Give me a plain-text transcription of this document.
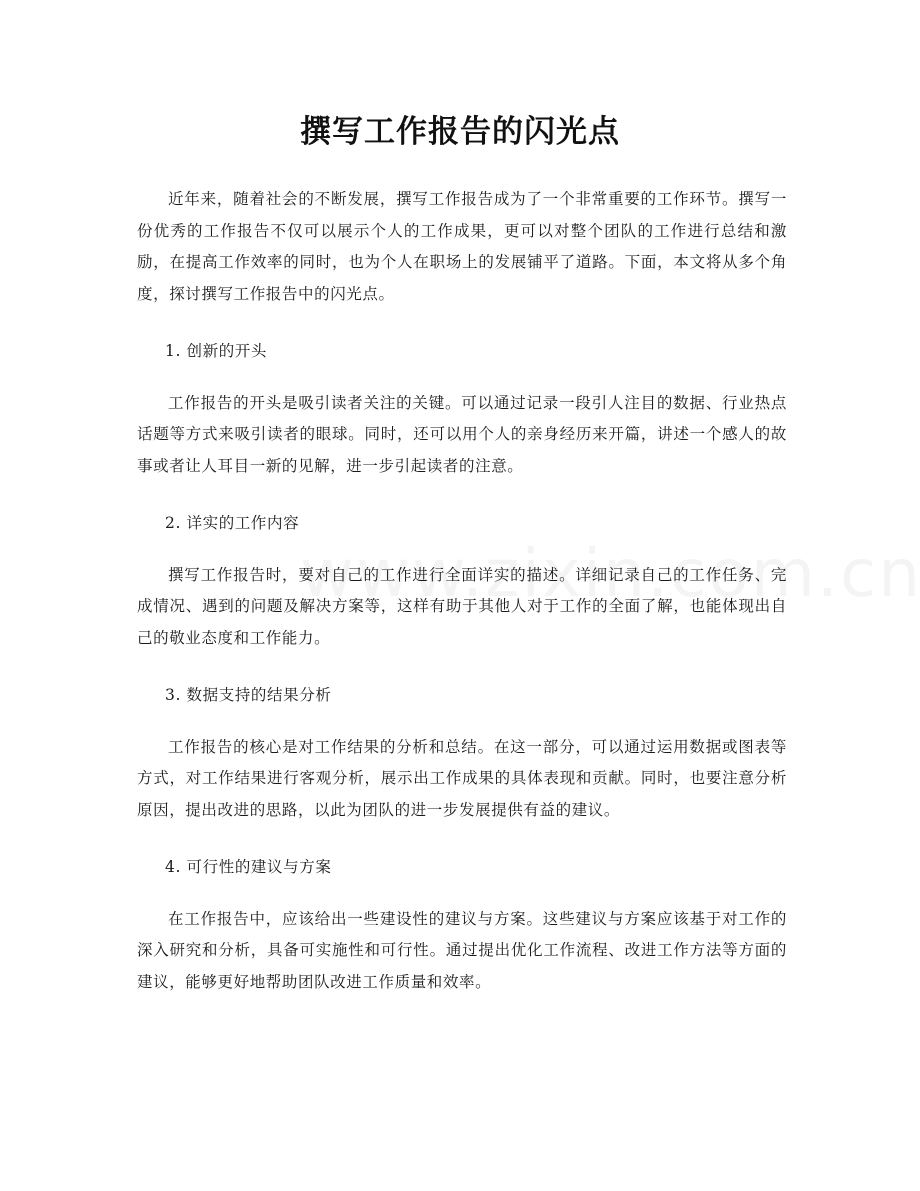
撰写工作报告的闪光点

近年来，随着社会的不断发展，撰写工作报告成为了一个非常重要的工作环节。撰写一份优秀的工作报告不仅可以展示个人的工作成果，更可以对整个团队的工作进行总结和激励，在提高工作效率的同时，也为个人在职场上的发展铺平了道路。下面，本文将从多个角度，探讨撰写工作报告中的闪光点。

1. 创新的开头

工作报告的开头是吸引读者关注的关键。可以通过记录一段引人注目的数据、行业热点话题等方式来吸引读者的眼球。同时，还可以用个人的亲身经历来开篇，讲述一个感人的故事或者让人耳目一新的见解，进一步引起读者的注意。

2. 详实的工作内容

撰写工作报告时，要对自己的工作进行全面详实的描述。详细记录自己的工作任务、完成情况、遇到的问题及解决方案等，这样有助于其他人对于工作的全面了解，也能体现出自己的敬业态度和工作能力。

3. 数据支持的结果分析

工作报告的核心是对工作结果的分析和总结。在这一部分，可以通过运用数据或图表等方式，对工作结果进行客观分析，展示出工作成果的具体表现和贡献。同时，也要注意分析原因，提出改进的思路，以此为团队的进一步发展提供有益的建议。

4. 可行性的建议与方案

在工作报告中，应该给出一些建设性的建议与方案。这些建议与方案应该基于对工作的深入研究和分析，具备可实施性和可行性。通过提出优化工作流程、改进工作方法等方面的建议，能够更好地帮助团队改进工作质量和效率。
